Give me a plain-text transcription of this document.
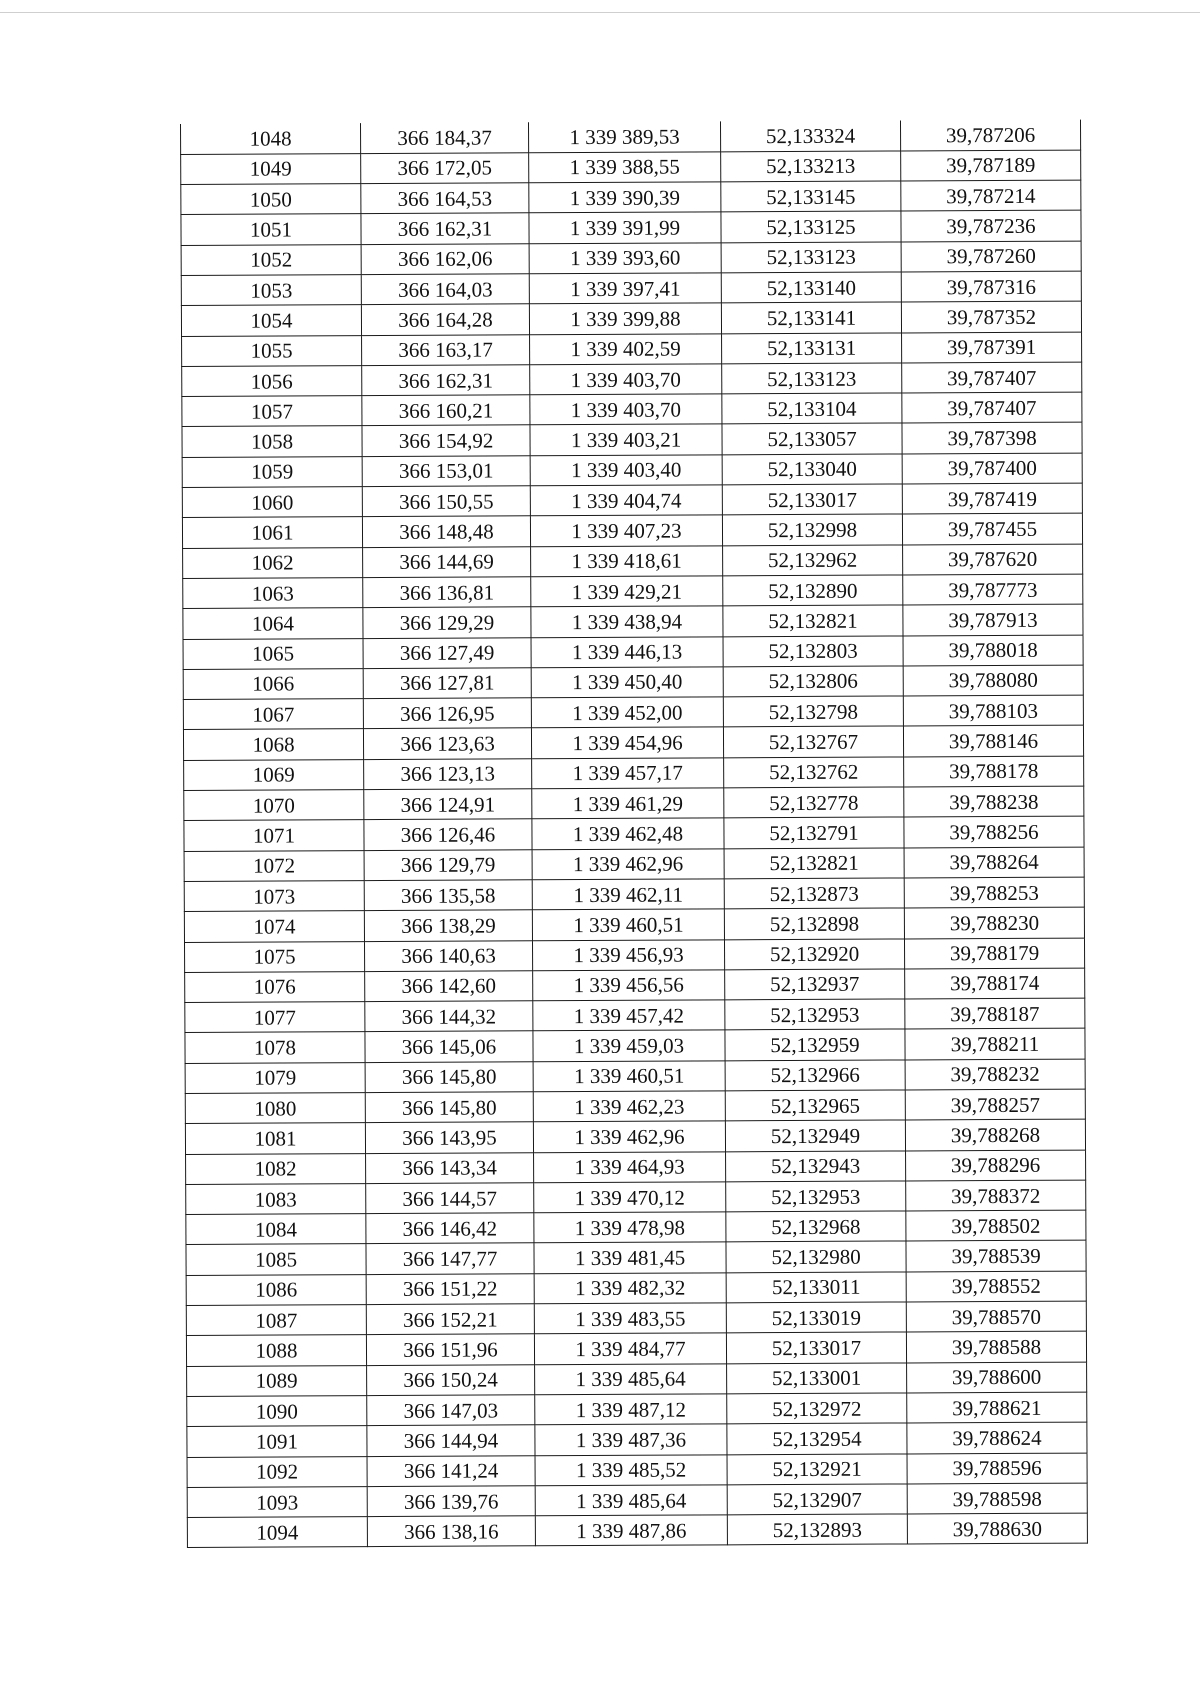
1048	366 184,37	1 339 389,53	52,133324	39,787206
1049	366 172,05	1 339 388,55	52,133213	39,787189
1050	366 164,53	1 339 390,39	52,133145	39,787214
1051	366 162,31	1 339 391,99	52,133125	39,787236
1052	366 162,06	1 339 393,60	52,133123	39,787260
1053	366 164,03	1 339 397,41	52,133140	39,787316
1054	366 164,28	1 339 399,88	52,133141	39,787352
1055	366 163,17	1 339 402,59	52,133131	39,787391
1056	366 162,31	1 339 403,70	52,133123	39,787407
1057	366 160,21	1 339 403,70	52,133104	39,787407
1058	366 154,92	1 339 403,21	52,133057	39,787398
1059	366 153,01	1 339 403,40	52,133040	39,787400
1060	366 150,55	1 339 404,74	52,133017	39,787419
1061	366 148,48	1 339 407,23	52,132998	39,787455
1062	366 144,69	1 339 418,61	52,132962	39,787620
1063	366 136,81	1 339 429,21	52,132890	39,787773
1064	366 129,29	1 339 438,94	52,132821	39,787913
1065	366 127,49	1 339 446,13	52,132803	39,788018
1066	366 127,81	1 339 450,40	52,132806	39,788080
1067	366 126,95	1 339 452,00	52,132798	39,788103
1068	366 123,63	1 339 454,96	52,132767	39,788146
1069	366 123,13	1 339 457,17	52,132762	39,788178
1070	366 124,91	1 339 461,29	52,132778	39,788238
1071	366 126,46	1 339 462,48	52,132791	39,788256
1072	366 129,79	1 339 462,96	52,132821	39,788264
1073	366 135,58	1 339 462,11	52,132873	39,788253
1074	366 138,29	1 339 460,51	52,132898	39,788230
1075	366 140,63	1 339 456,93	52,132920	39,788179
1076	366 142,60	1 339 456,56	52,132937	39,788174
1077	366 144,32	1 339 457,42	52,132953	39,788187
1078	366 145,06	1 339 459,03	52,132959	39,788211
1079	366 145,80	1 339 460,51	52,132966	39,788232
1080	366 145,80	1 339 462,23	52,132965	39,788257
1081	366 143,95	1 339 462,96	52,132949	39,788268
1082	366 143,34	1 339 464,93	52,132943	39,788296
1083	366 144,57	1 339 470,12	52,132953	39,788372
1084	366 146,42	1 339 478,98	52,132968	39,788502
1085	366 147,77	1 339 481,45	52,132980	39,788539
1086	366 151,22	1 339 482,32	52,133011	39,788552
1087	366 152,21	1 339 483,55	52,133019	39,788570
1088	366 151,96	1 339 484,77	52,133017	39,788588
1089	366 150,24	1 339 485,64	52,133001	39,788600
1090	366 147,03	1 339 487,12	52,132972	39,788621
1091	366 144,94	1 339 487,36	52,132954	39,788624
1092	366 141,24	1 339 485,52	52,132921	39,788596
1093	366 139,76	1 339 485,64	52,132907	39,788598
1094	366 138,16	1 339 487,86	52,132893	39,788630
